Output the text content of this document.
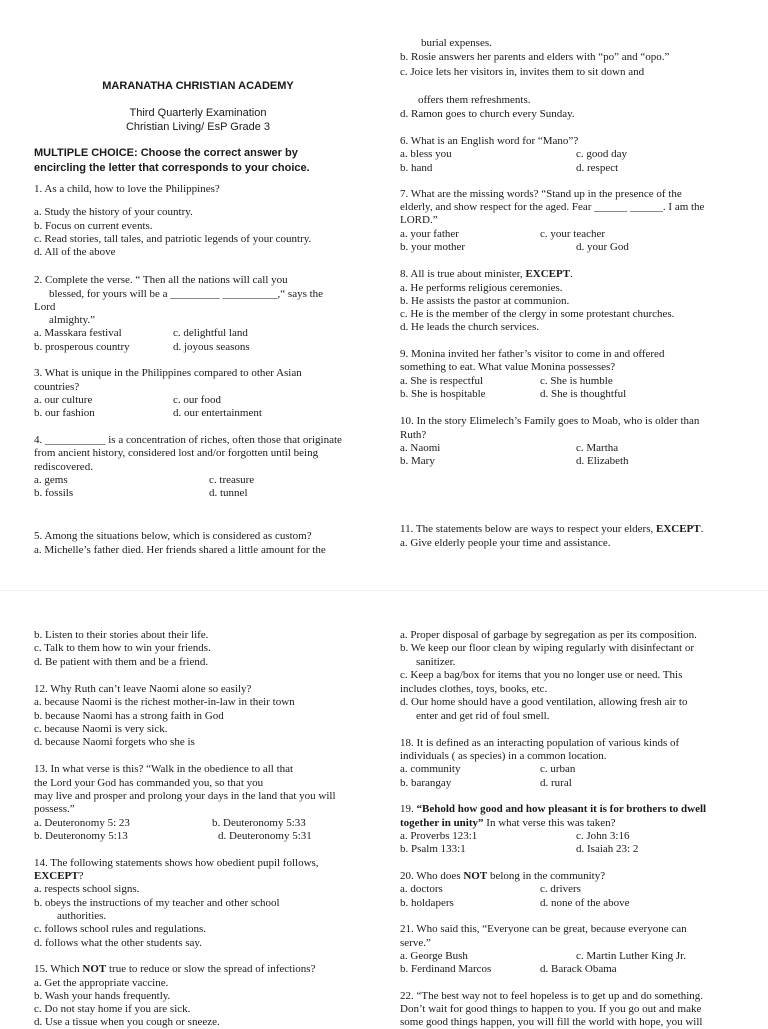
MARANATHA CHRISTIAN ACADEMY
Third Quarterly Examination
Christian Living/ EsP Grade 3
MULTIPLE CHOICE: Choose the correct answer by
encircling the letter that corresponds to your choice.
1. As a child, how to love the Philippines?
a. Study the history of your country.
b. Focus on current events.
c. Read stories, tall tales, and patriotic legends of your country.
d. All of the above
2. Complete the verse. “ Then all the nations will call you
blessed, for yours will be a _________ __________,“ says the
Lord
almighty.”
a. Masskara festival	c. delightful land
b. prosperous country	d. joyous seasons
3. What is unique in the Philippines compared to other Asian
countries?
a. our culture	c. our food
b. our fashion	d. our entertainment
4. ___________ is a concentration of riches, often those that originate
from ancient history, considered lost and/or forgotten until being
rediscovered.
a. gems	c. treasure
b. fossils	d. tunnel
5. Among the situations below, which is considered as custom?
a. Michelle’s father died. Her friends shared a little amount for the
burial expenses.
b. Rosie answers her parents and elders with “po” and “opo.”
c. Joice lets her visitors in, invites them to sit down and
offers them refreshments.
d. Ramon goes to church every Sunday.
6. What is an English word for “Mano”?
a. bless you	c. good day
b. hand	d. respect
7. What are the missing words? “Stand up in the presence of the
elderly, and show respect for the aged. Fear ______ ______. I am the
LORD.”
a. your father	c. your teacher
b. your mother	d. your God
8. All is true about minister, EXCEPT.
a. He performs religious ceremonies.
b. He assists the pastor at communion.
c. He is the member of the clergy in some protestant churches.
d. He leads the church services.
9. Monina invited her father’s visitor to come in and offered
something to eat. What value Monina possesses?
a. She is respectful	c. She is humble
b. She is hospitable	d. She is thoughtful
10. In the story Elimelech’s Family goes to Moab, who is older than
Ruth?
a. Naomi	c. Martha
b. Mary	d. Elizabeth
11. The statements below are ways to respect your elders, EXCEPT.
a. Give elderly people your time and assistance.
b. Listen to their stories about their life.
c. Talk to them how to win your friends.
d. Be patient with them and be a friend.
12. Why Ruth can’t leave Naomi alone so easily?
a. because Naomi is the richest mother-in-law in their town
b. because Naomi has a strong faith in God
c. because Naomi is very sick.
d. because Naomi forgets who she is
13. In what verse is this? “Walk in the obedience to all that
the Lord your God has commanded you, so that you
may live and prosper and prolong your days in the land that you will
possess.”
a. Deuteronomy 5: 23	b. Deuteronomy 5:33
b. Deuteronomy 5:13	d. Deuteronomy 5:31
14. The following statements shows how obedient pupil follows,
EXCEPT?
a. respects school signs.
b. obeys the instructions of my teacher and other school
authorities.
c. follows school rules and regulations.
d. follows what the other students say.
15. Which NOT true to reduce or slow the spread of infections?
a. Get the appropriate vaccine.
b. Wash your hands frequently.
c. Do not stay home if you are sick.
d. Use a tissue when you cough or sneeze.
a. Proper disposal of garbage by segregation as per its composition.
b. We keep our floor clean by wiping regularly with disinfectant or
sanitizer.
c. Keep a bag/box for items that you no longer use or need. This
includes clothes, toys, books, etc.
d. Our home should have a good ventilation, allowing fresh air to
enter and get rid of foul smell.
18. It is defined as an interacting population of various kinds of
individuals ( as species) in a common location.
a. community	c. urban
b. barangay	d. rural
19. “Behold how good and how pleasant it is for brothers to dwell
together in unity” In what verse this was taken?
a. Proverbs 123:1	c. John 3:16
b. Psalm 133:1	d. Isaiah 23: 2
20. Who does NOT belong in the community?
a. doctors	c. drivers
b. holdapers	d. none of the above
21. Who said this, “Everyone can be great, because everyone can
serve.”
a. George Bush	c. Martin Luther King Jr.
b. Ferdinand Marcos	d. Barack Obama
22. “The best way not to feel hopeless is to get up and do something.
Don’t wait for good things to happen to you. If you go out and make
some good things happen, you will fill the world with hope, you will
